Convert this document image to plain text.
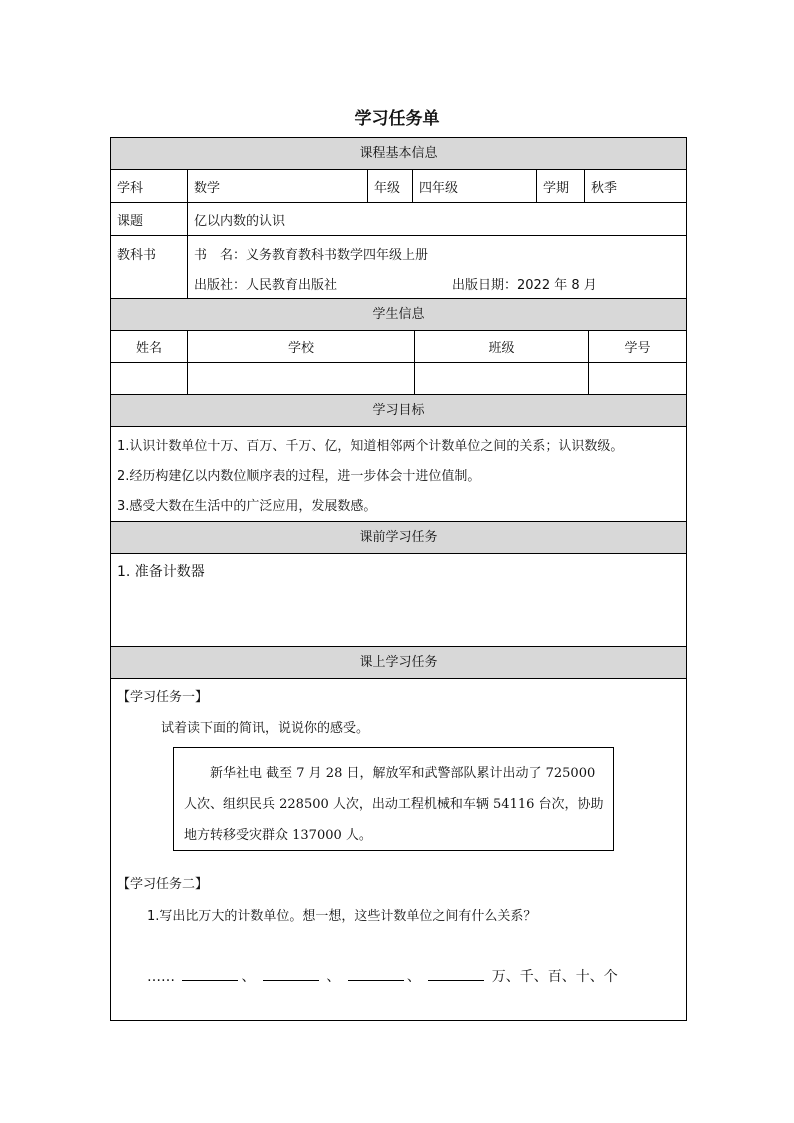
学习任务单
课程基本信息
学科	数学	年级	四年级	学期	秋季
课题	亿以内数的认识
教科书	书　名：义务教育教科书数学四年级上册
出版社：人民教育出版社	出版日期：2022 年 8 月
学生信息
姓名	学校	班级	学号
学习目标
1.认识计数单位十万、百万、千万、亿，知道相邻两个计数单位之间的关系；认识数级。
2.经历构建亿以内数位顺序表的过程，进一步体会十进位值制。
3.感受大数在生活中的广泛应用，发展数感。
课前学习任务
1. 准备计数器
课上学习任务
【学习任务一】
试着读下面的简讯，说说你的感受。
新华社电 截至 7 月 28 日，解放军和武警部队累计出动了 725000
人次、组织民兵 228500 人次，出动工程机械和车辆 54116 台次，协助
地方转移受灾群众 137000 人。
【学习任务二】
1.写出比万大的计数单位。想一想，这些计数单位之间有什么关系？
……	、	、	、	万、千、百、十、个
